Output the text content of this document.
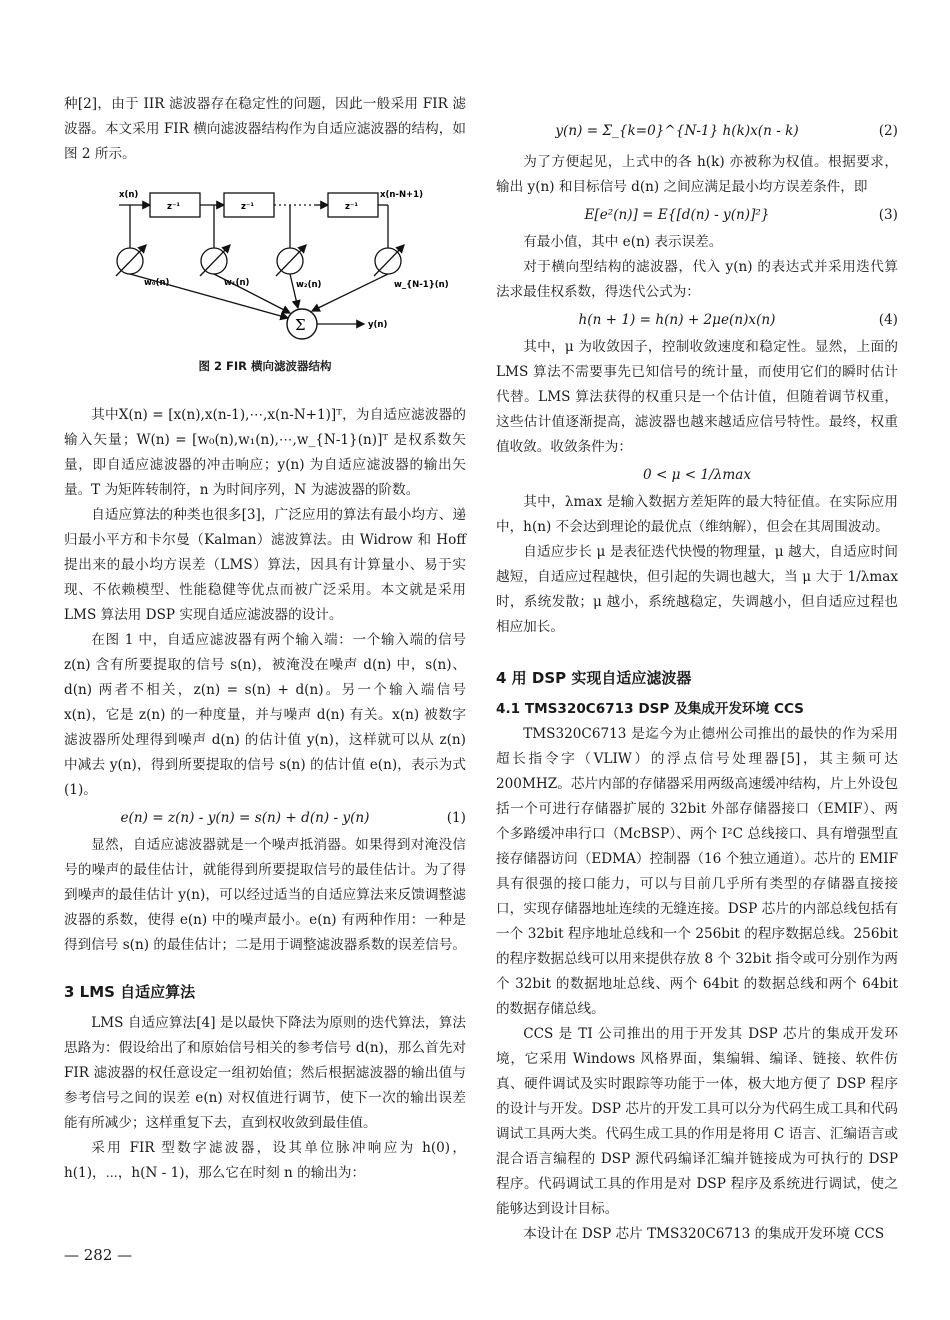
种[2]，由于 IIR 滤波器存在稳定性的问题，因此一般采用 FIR 滤波器。本文采用 FIR 横向滤波器结构作为自适应滤波器的结构，如图 2 所示。

x(n)
z⁻¹	z⁻¹	z⁻¹
x(n-N+1)
w₀(n)	w₁(n)	w₂(n)	w_{N-1}(n)
Σ	y(n)
图 2 FIR 横向滤波器结构

其中X(n) = [x(n),x(n-1),⋯,x(n-N+1)]ᵀ，为自适应滤波器的输入矢量；W(n) = [w₀(n),w₁(n),⋯,w_{N-1}(n)]ᵀ 是权系数矢量，即自适应滤波器的冲击响应；y(n) 为自适应滤波器的输出矢量。T 为矩阵转制符，n 为时间序列，N 为滤波器的阶数。

自适应算法的种类也很多[3]，广泛应用的算法有最小均方、递归最小平方和卡尔曼（Kalman）滤波算法。由 Widrow 和 Hoff 提出来的最小均方误差（LMS）算法，因具有计算量小、易于实现、不依赖模型、性能稳健等优点而被广泛采用。本文就是采用 LMS 算法用 DSP 实现自适应滤波器的设计。

在图 1 中，自适应滤波器有两个输入端：一个输入端的信号 z(n) 含有所要提取的信号 s(n)，被淹没在噪声 d(n) 中，s(n)、d(n) 两者不相关，z(n) = s(n) + d(n)。另一个输入端信号 x(n)，它是 z(n) 的一种度量，并与噪声 d(n) 有关。x(n) 被数字滤波器所处理得到噪声 d(n) 的估计值 y(n)，这样就可以从 z(n) 中减去 y(n)，得到所要提取的信号 s(n) 的估计值 e(n)，表示为式(1)。

e(n) = z(n) - y(n) = s(n) + d(n) - y(n)	(1)

显然，自适应滤波器就是一个噪声抵消器。如果得到对淹没信号的噪声的最佳估计，就能得到所要提取信号的最佳估计。为了得到噪声的最佳估计 y(n)，可以经过适当的自适应算法来反馈调整滤波器的系数，使得 e(n) 中的噪声最小。e(n) 有两种作用：一种是得到信号 s(n) 的最佳估计；二是用于调整滤波器系数的误差信号。

3 LMS 自适应算法

LMS 自适应算法[4] 是以最快下降法为原则的迭代算法，算法思路为：假设给出了和原始信号相关的参考信号 d(n)，那么首先对 FIR 滤波器的权任意设定一组初始值；然后根据滤波器的输出值与参考信号之间的误差 e(n) 对权值进行调节，使下一次的输出误差能有所减少；这样重复下去，直到权收敛到最佳值。

采用 FIR 型数字滤波器，设其单位脉冲响应为 h(0)，h(1)，⋯，h(N - 1)，那么它在时刻 n 的输出为：

y(n) = Σ_{k=0}^{N-1} h(k)x(n - k)	(2)

为了方便起见，上式中的各 h(k) 亦被称为权值。根据要求，输出 y(n) 和目标信号 d(n) 之间应满足最小均方误差条件，即

E[e²(n)] = E{[d(n) - y(n)]²}	(3)

有最小值，其中 e(n) 表示误差。

对于横向型结构的滤波器，代入 y(n) 的表达式并采用迭代算法求最佳权系数，得迭代公式为：

h(n + 1) = h(n) + 2μe(n)x(n)	(4)

其中，μ 为收敛因子，控制收敛速度和稳定性。显然，上面的 LMS 算法不需要事先已知信号的统计量，而使用它们的瞬时估计代替。LMS 算法获得的权重只是一个估计值，但随着调节权重，这些估计值逐渐提高，滤波器也越来越适应信号特性。最终，权重值收敛。收敛条件为：

0 < μ < 1/λmax

其中，λmax 是输入数据方差矩阵的最大特征值。在实际应用中，h(n) 不会达到理论的最优点（维纳解），但会在其周围波动。

自适应步长 μ 是表征迭代快慢的物理量，μ 越大，自适应时间越短，自适应过程越快，但引起的失调也越大，当 μ 大于 1/λmax 时，系统发散；μ 越小，系统越稳定，失调越小，但自适应过程也相应加长。

4 用 DSP 实现自适应滤波器
4.1 TMS320C6713 DSP 及集成开发环境 CCS

TMS320C6713 是迄今为止德州公司推出的最快的作为采用超长指令字（VLIW）的浮点信号处理器[5]，其主频可达 200MHZ。芯片内部的存储器采用两级高速缓冲结构，片上外设包括一个可进行存储器扩展的 32bit 外部存储器接口（EMIF）、两个多路缓冲串行口（McBSP）、两个 I²C 总线接口、具有增强型直接存储器访问（EDMA）控制器（16 个独立通道）。芯片的 EMIF 具有很强的接口能力，可以与目前几乎所有类型的存储器直接接口，实现存储器地址连续的无缝连接。DSP 芯片的内部总线包括有一个 32bit 程序地址总线和一个 256bit 的程序数据总线。256bit 的程序数据总线可以用来提供存放 8 个 32bit 指令或可分别作为两个 32bit 的数据地址总线、两个 64bit 的数据总线和两个 64bit 的数据存储总线。

CCS 是 TI 公司推出的用于开发其 DSP 芯片的集成开发环境，它采用 Windows 风格界面，集编辑、编译、链接、软件仿真、硬件调试及实时跟踪等功能于一体，极大地方便了 DSP 程序的设计与开发。DSP 芯片的开发工具可以分为代码生成工具和代码调试工具两大类。代码生成工具的作用是将用 C 语言、汇编语言或混合语言编程的 DSP 源代码编译汇编并链接成为可执行的 DSP 程序。代码调试工具的作用是对 DSP 程序及系统进行调试，使之能够达到设计目标。

本设计在 DSP 芯片 TMS320C6713 的集成开发环境 CCS

— 282 —
